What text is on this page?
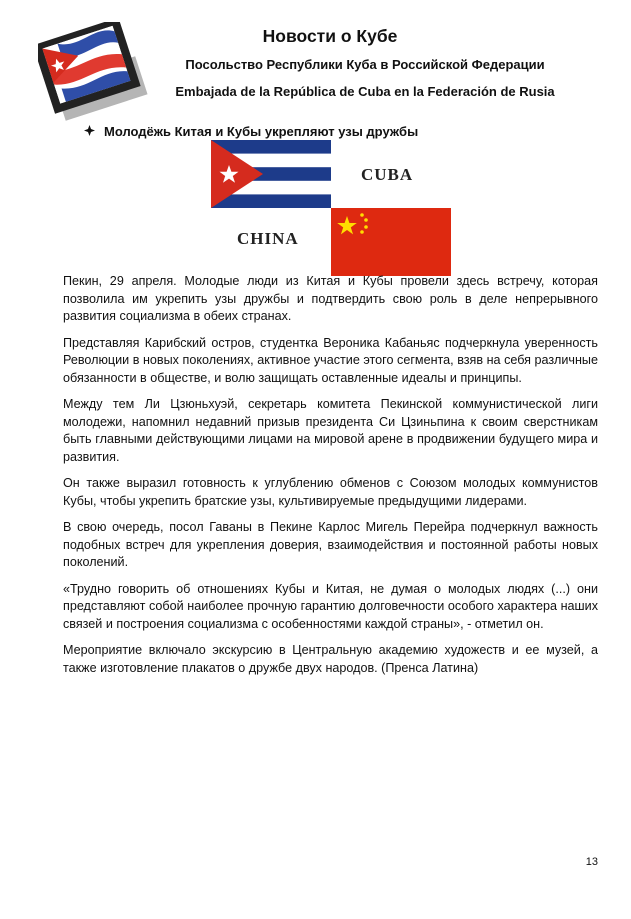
Новости о Кубе
Посольство Республики Куба в Российской Федерации
Embajada de la República de Cuba en la Federación de Rusia
Молодёжь Китая и Кубы укрепляют узы дружбы
CUBA
CHINA

Пекин, 29 апреля. Молодые люди из Китая и Кубы провели здесь встречу, которая позволила им укрепить узы дружбы и подтвердить свою роль в деле непрерывного развития социализма в обеих странах.

Представляя Карибский остров, студентка Вероника Кабаньяс подчеркнула уверенность Революции в новых поколениях, активное участие этого сегмента, взяв на себя различные обязанности в обществе, и волю защищать оставленные идеалы и принципы.

Между тем Ли Цзюньхуэй, секретарь комитета Пекинской коммунистической лиги молодежи, напомнил недавний призыв президента Си Цзиньпина к своим сверстникам быть главными действующими лицами на мировой арене в продвижении будущего мира и развития.

Он также выразил готовность к углублению обменов с Союзом молодых коммунистов Кубы, чтобы укрепить братские узы, культивируемые предыдущими лидерами.

В свою очередь, посол Гаваны в Пекине Карлос Мигель Перейра подчеркнул важность подобных встреч для укрепления доверия, взаимодействия и постоянной работы новых поколений.

«Трудно говорить об отношениях Кубы и Китая, не думая о молодых людях (...) они представляют собой наиболее прочную гарантию долговечности особого характера наших связей и построения социализма с особенностями каждой страны», - отметил он.

Мероприятие включало экскурсию в Центральную академию художеств и ее музей, а также изготовление плакатов о дружбе двух народов. (Пренса Латина)

13
